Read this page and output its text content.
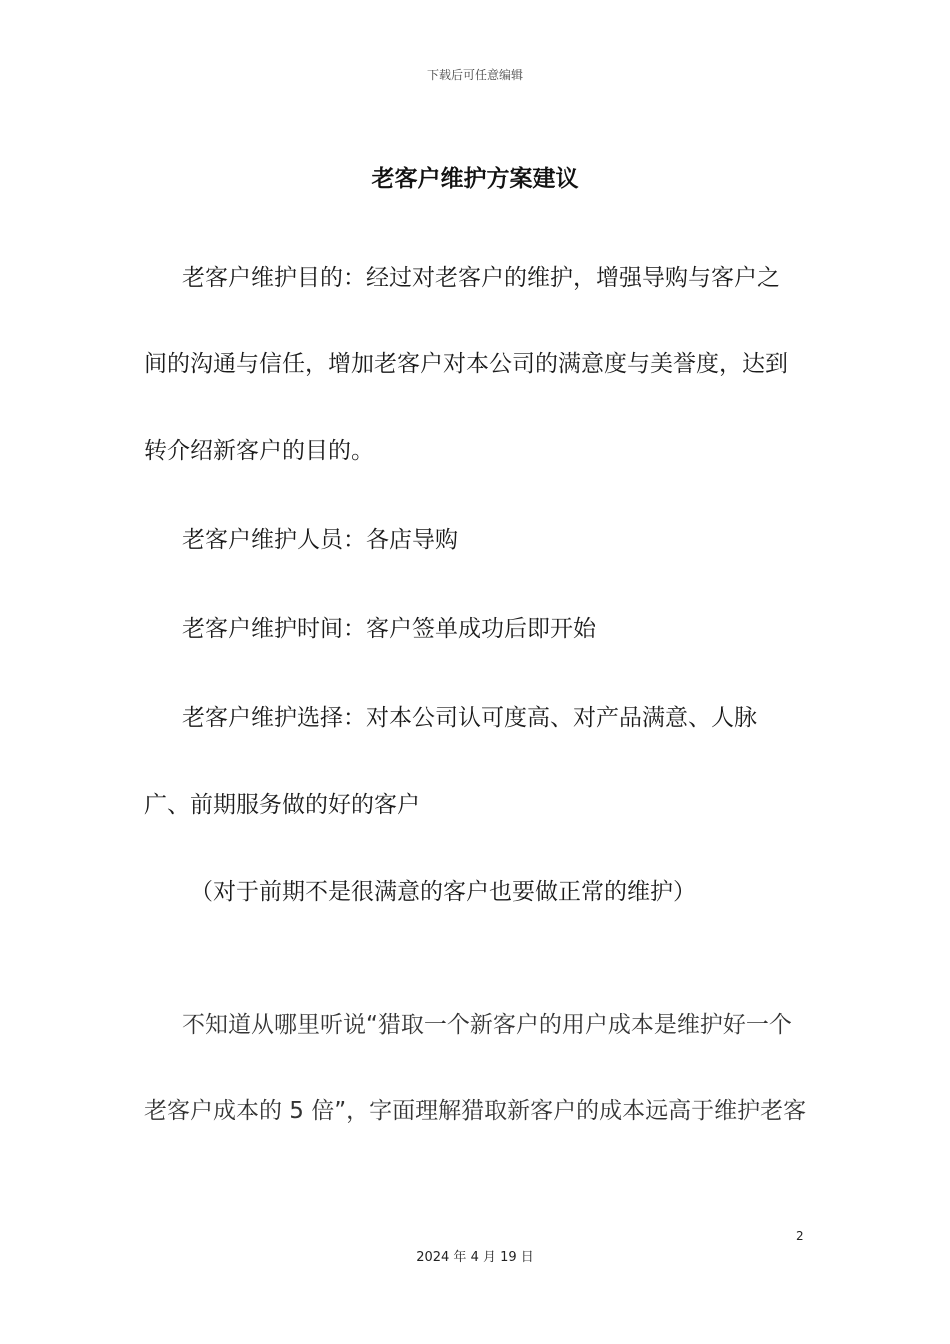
下载后可任意编辑
老客户维护方案建议
老客户维护目的：经过对老客户的维护，增强导购与客户之
间的沟通与信任，增加老客户对本公司的满意度与美誉度，达到
转介绍新客户的目的。
老客户维护人员：各店导购
老客户维护时间：客户签单成功后即开始
老客户维护选择：对本公司认可度高、对产品满意、人脉
广、前期服务做的好的客户
（对于前期不是很满意的客户也要做正常的维护）
不知道从哪里听说“猎取一个新客户的用户成本是维护好一个
老客户成本的 5 倍”，字面理解猎取新客户的成本远高于维护老客
2
2024 年 4 月 19 日
